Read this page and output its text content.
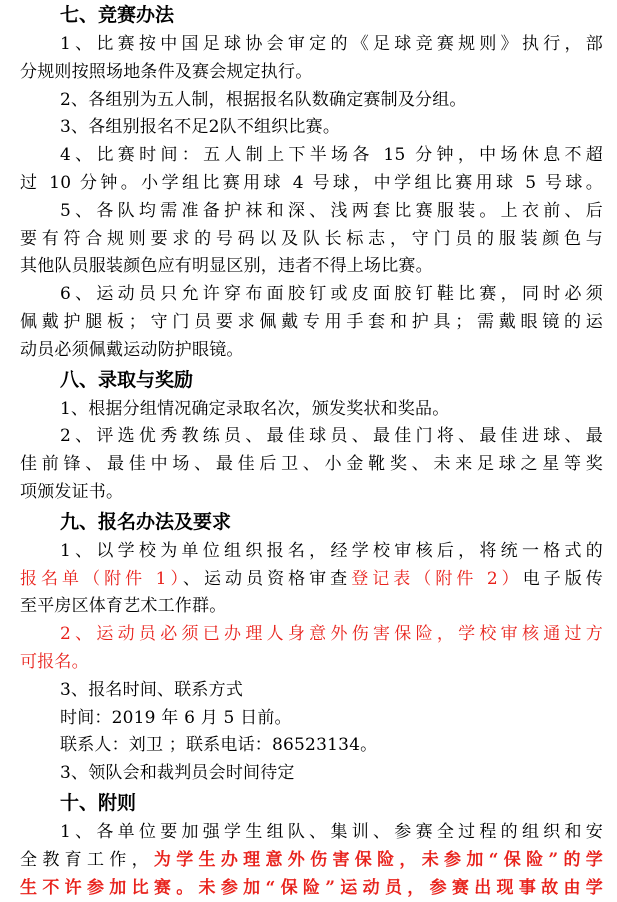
七、竞赛办法

1、比赛按中国足球协会审定的《足球竞赛规则》执行，部

分规则按照场地条件及赛会规定执行。

2、各组别为五人制，根据报名队数确定赛制及分组。

3、各组别报名不足2队不组织比赛。

4、比赛时间：五人制上下半场各 15 分钟，中场休息不超

过 10 分钟。小学组比赛用球 4 号球，中学组比赛用球 5 号球。

5、各队均需准备护袜和深、浅两套比赛服装。上衣前、后

要有符合规则要求的号码以及队长标志，守门员的服装颜色与

其他队员服装颜色应有明显区别，违者不得上场比赛。

6、运动员只允许穿布面胶钉或皮面胶钉鞋比赛，同时必须

佩戴护腿板；守门员要求佩戴专用手套和护具；需戴眼镜的运

动员必须佩戴运动防护眼镜。

八、录取与奖励

1、根据分组情况确定录取名次，颁发奖状和奖品。

2、评选优秀教练员、最佳球员、最佳门将、最佳进球、最

佳前锋、最佳中场、最佳后卫、小金靴奖、未来足球之星等奖

项颁发证书。

九、报名办法及要求

1、以学校为单位组织报名，经学校审核后，将统一格式的

报名单（附件 1）、运动员资格审查登记表（附件 2）电子版传

至平房区体育艺术工作群。

2、运动员必须已办理人身意外伤害保险，学校审核通过方

可报名。

3、报名时间、联系方式

时间：2019 年 6 月 5 日前。

联系人：刘卫 ；联系电话：86523134。

3、领队会和裁判员会时间待定

十、附则

1、各单位要加强学生组队、集训、参赛全过程的组织和安

全教育工作，为学生办理意外伤害保险，未参加“保险”的学

生不许参加比赛。未参加“保险”运动员，参赛出现事故由学
